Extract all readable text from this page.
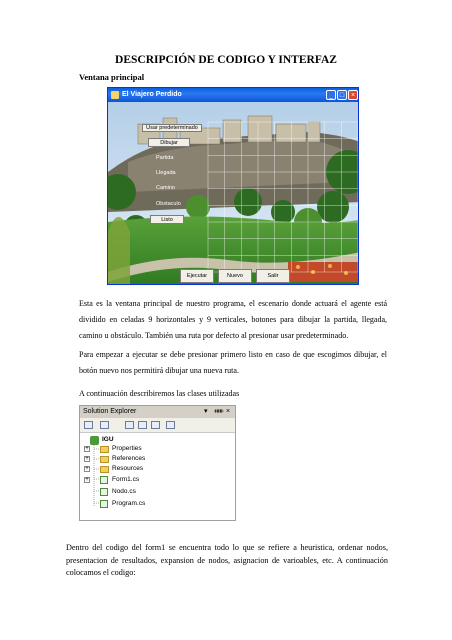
DESCRIPCIÓN DE CODIGO Y INTERFAZ
Ventana principal
El Viajero Perdido	_ □ ×
Usar predeterminado
Dibujar
Partida
Llegada
Camino
Obstaculo
Listo
Ejecutar	Nuevo	Salir
Esta es la ventana principal de nuestro programa, el escenario donde actuará el agente está dividido en celadas 9 horizontales y 9 verticales, botones para dibujar la partida, llegada, camino u obstáculo. También una ruta por defecto al presionar usar predeterminado.
Para empezar a ejecutar se debe presionar primero listo en caso de que escogimos dibujar, el botón nuevo nos permitirá dibujar una nueva ruta.
A continuación describiremos las clases utilizadas
Solution Explorer	▾ ᚔ ×
IGU
+	Properties
+	References
+	Resources
+	Form1.cs
Nodo.cs
Program.cs
Dentro del codigo del form1 se encuentra todo lo que se refiere a heuristica, ordenar nodos, presentacion de resultados, expansion de nodos, asignacion de varioables, etc. A continuación colocamos el codigo:
